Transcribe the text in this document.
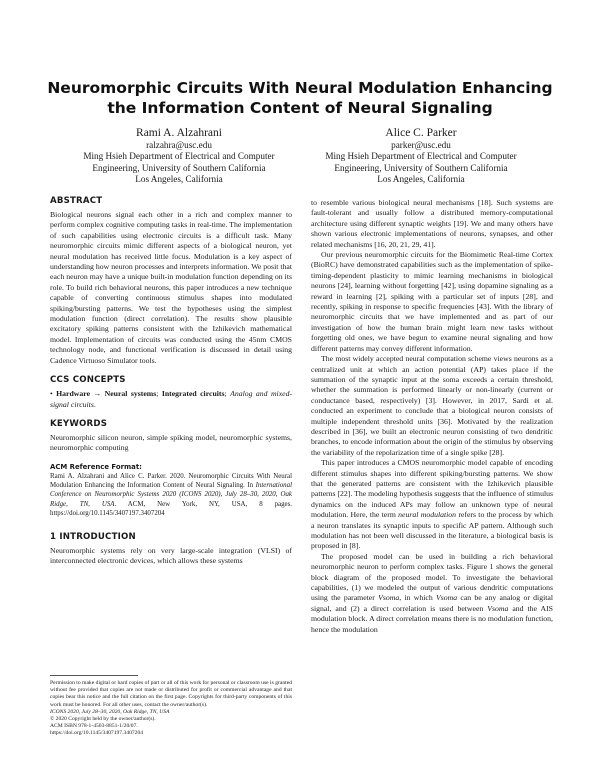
Neuromorphic Circuits With Neural Modulation Enhancing the Information Content of Neural Signaling
Rami A. Alzahrani
ralzahra@usc.edu
Ming Hsieh Department of Electrical and Computer
Engineering, University of Southern California
Los Angeles, California
Alice C. Parker
parker@usc.edu
Ming Hsieh Department of Electrical and Computer
Engineering, University of Southern California
Los Angeles, California
ABSTRACT

Biological neurons signal each other in a rich and complex manner to perform complex cognitive computing tasks in real-time. The implementation of such capabilities using electronic circuits is a difficult task. Many neuromorphic circuits mimic different aspects of a biological neuron, yet neural modulation has received little focus. Modulation is a key aspect of understanding how neuron processes and interprets information. We posit that each neuron may have a unique built-in modulation function depending on its role. To build rich behavioral neurons, this paper introduces a new technique capable of converting continuous stimulus shapes into modulated spiking/bursting patterns. We test the hypotheses using the simplest modulation function (direct correlation). The results show plausible excitatory spiking patterns consistent with the Izhikevich mathematical model. Implementation of circuits was conducted using the 45nm CMOS technology node, and functional verification is discussed in detail using Cadence Virtuoso Simulator tools.

CCS CONCEPTS

• Hardware → Neural systems; Integrated circuits; Analog and mixed-signal circuits.

KEYWORDS

Neuromorphic silicon neuron, simple spiking model, neuromorphic systems, neuromorphic computing

ACM Reference Format:

Rami A. Alzahrani and Alice C. Parker. 2020. Neuromorphic Circuits With Neural Modulation Enhancing the Information Content of Neural Signaling. In International Conference on Neuromorphic Systems 2020 (ICONS 2020), July 28–30, 2020, Oak Ridge, TN, USA. ACM, New York, NY, USA, 8 pages. https://doi.org/10.1145/3407197.3407204

1 INTRODUCTION

Neuromorphic systems rely on very large-scale integration (VLSI) of interconnected electronic devices, which allows these systems

Permission to make digital or hard copies of part or all of this work for personal or classroom use is granted without fee provided that copies are not made or distributed for profit or commercial advantage and that copies bear this notice and the full citation on the first page. Copyrights for third-party components of this work must be honored. For all other uses, contact the owner/author(s).

ICONS 2020, July 28–30, 2020, Oak Ridge, TN, USA
© 2020 Copyright held by the owner/author(s).
ACM ISBN 978-1-4503-8851-1/20/07.
https://doi.org/10.1145/3407197.3407204

to resemble various biological neural mechanisms [18]. Such systems are fault-tolerant and usually follow a distributed memory-computational architecture using different synaptic weights [19]. We and many others have shown various electronic implementations of neurons, synapses, and other related mechanisms [16, 20, 21, 29, 41].

Our previous neuromorphic circuits for the Biomimetic Real-time Cortex (BioRC) have demonstrated capabilities such as the implementation of spike-timing-dependent plasticity to mimic learning mechanisms in biological neurons [24], learning without forgetting [42], using dopamine signaling as a reward in learning [2], spiking with a particular set of inputs [28], and recently, spiking in response to specific frequencies [43]. With the library of neuromorphic circuits that we have implemented and as part of our investigation of how the human brain might learn new tasks without forgetting old ones, we have begun to examine neural signaling and how different patterns may convey different information.

The most widely accepted neural computation scheme views neurons as a centralized unit at which an action potential (AP) takes place if the summation of the synaptic input at the soma exceeds a certain threshold, whether the summation is performed linearly or non-linearly (current or conductance based, respectively) [3]. However, in 2017, Sardi et al. conducted an experiment to conclude that a biological neuron consists of multiple independent threshold units [36]. Motivated by the realization described in [36], we built an electronic neuron consisting of two dendritic branches, to encode information about the origin of the stimulus by observing the variability of the repolarization time of a single spike [28].

This paper introduces a CMOS neuromorphic model capable of encoding different stimulus shapes into different spiking/bursting patterns. We show that the generated patterns are consistent with the Izhikevich plausible patterns [22]. The modeling hypothesis suggests that the influence of stimulus dynamics on the induced APs may follow an unknown type of neural modulation. Here, the term neural modulation refers to the process by which a neuron translates its synaptic inputs to specific AP pattern. Although such modulation has not been well discussed in the literature, a biological basis is proposed in [8].

The proposed model can be used in building a rich behavioral neuromorphic neuron to perform complex tasks. Figure 1 shows the general block diagram of the proposed model. To investigate the behavioral capabilities, (1) we modeled the output of various dendritic computations using the parameter Vsoma, in which Vsoma can be any analog or digital signal, and (2) a direct correlation is used between Vsoma and the AIS modulation block. A direct correlation means there is no modulation function, hence the modulation
